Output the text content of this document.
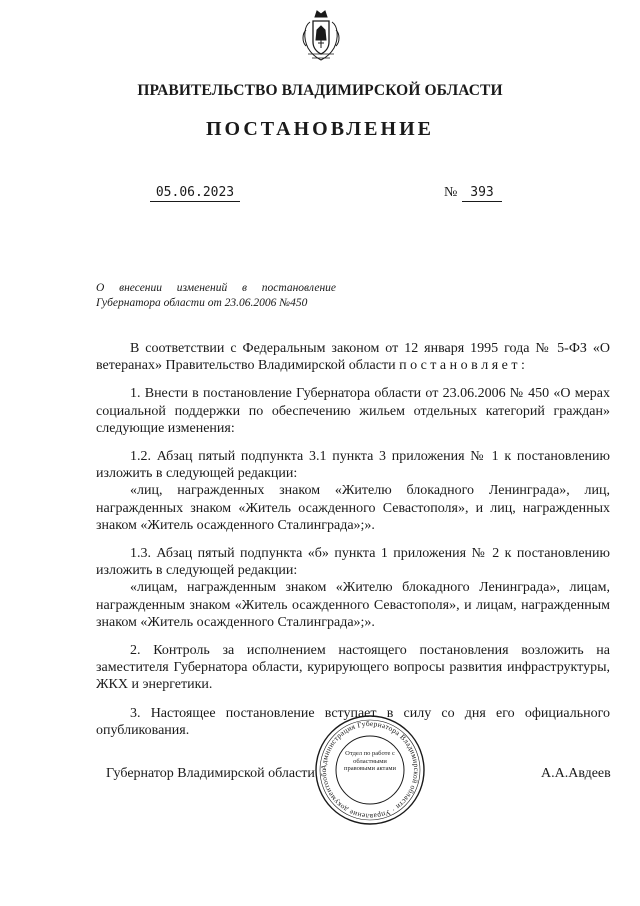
ПРАВИТЕЛЬСТВО ВЛАДИМИРСКОЙ ОБЛАСТИ
ПОСТАНОВЛЕНИЕ
05.06.2023	№ 393
О внесении изменений в постановление Губернатора области от 23.06.2006 №450

В соответствии с Федеральным законом от 12 января 1995 года № 5-ФЗ «О ветеранах» Правительство Владимирской области п о с т а н о в л я е т :

1. Внести в постановление Губернатора области от 23.06.2006 № 450 «О мерах социальной поддержки по обеспечению жильем отдельных категорий граждан» следующие изменения:

1.2. Абзац пятый подпункта 3.1 пункта 3 приложения № 1 к постановлению изложить в следующей редакции:

«лиц, награжденных знаком «Жителю блокадного Ленинграда», лиц, награжденных знаком «Житель осажденного Севастополя», и лиц, награжденных знаком «Житель осажденного Сталинграда»;».

1.3. Абзац пятый подпункта «б» пункта 1 приложения № 2 к постановлению изложить в следующей редакции:

«лицам, награжденным знаком «Жителю блокадного Ленинграда», лицам, награжденным знаком «Житель осажденного Севастополя», и лицам, награжденным знаком «Житель осажденного Сталинграда»;».

2. Контроль за исполнением настоящего постановления возложить на заместителя Губернатора области, курирующего вопросы развития инфраструктуры, ЖКХ и энергетики.

3. Настоящее постановление вступает в силу со дня его официального опубликования.

Губернатор Владимирской области	А.А.Авдеев
Администрация Губернатора Владимирской области · Управление документообо
Отдел по работе с областными правовыми актами
